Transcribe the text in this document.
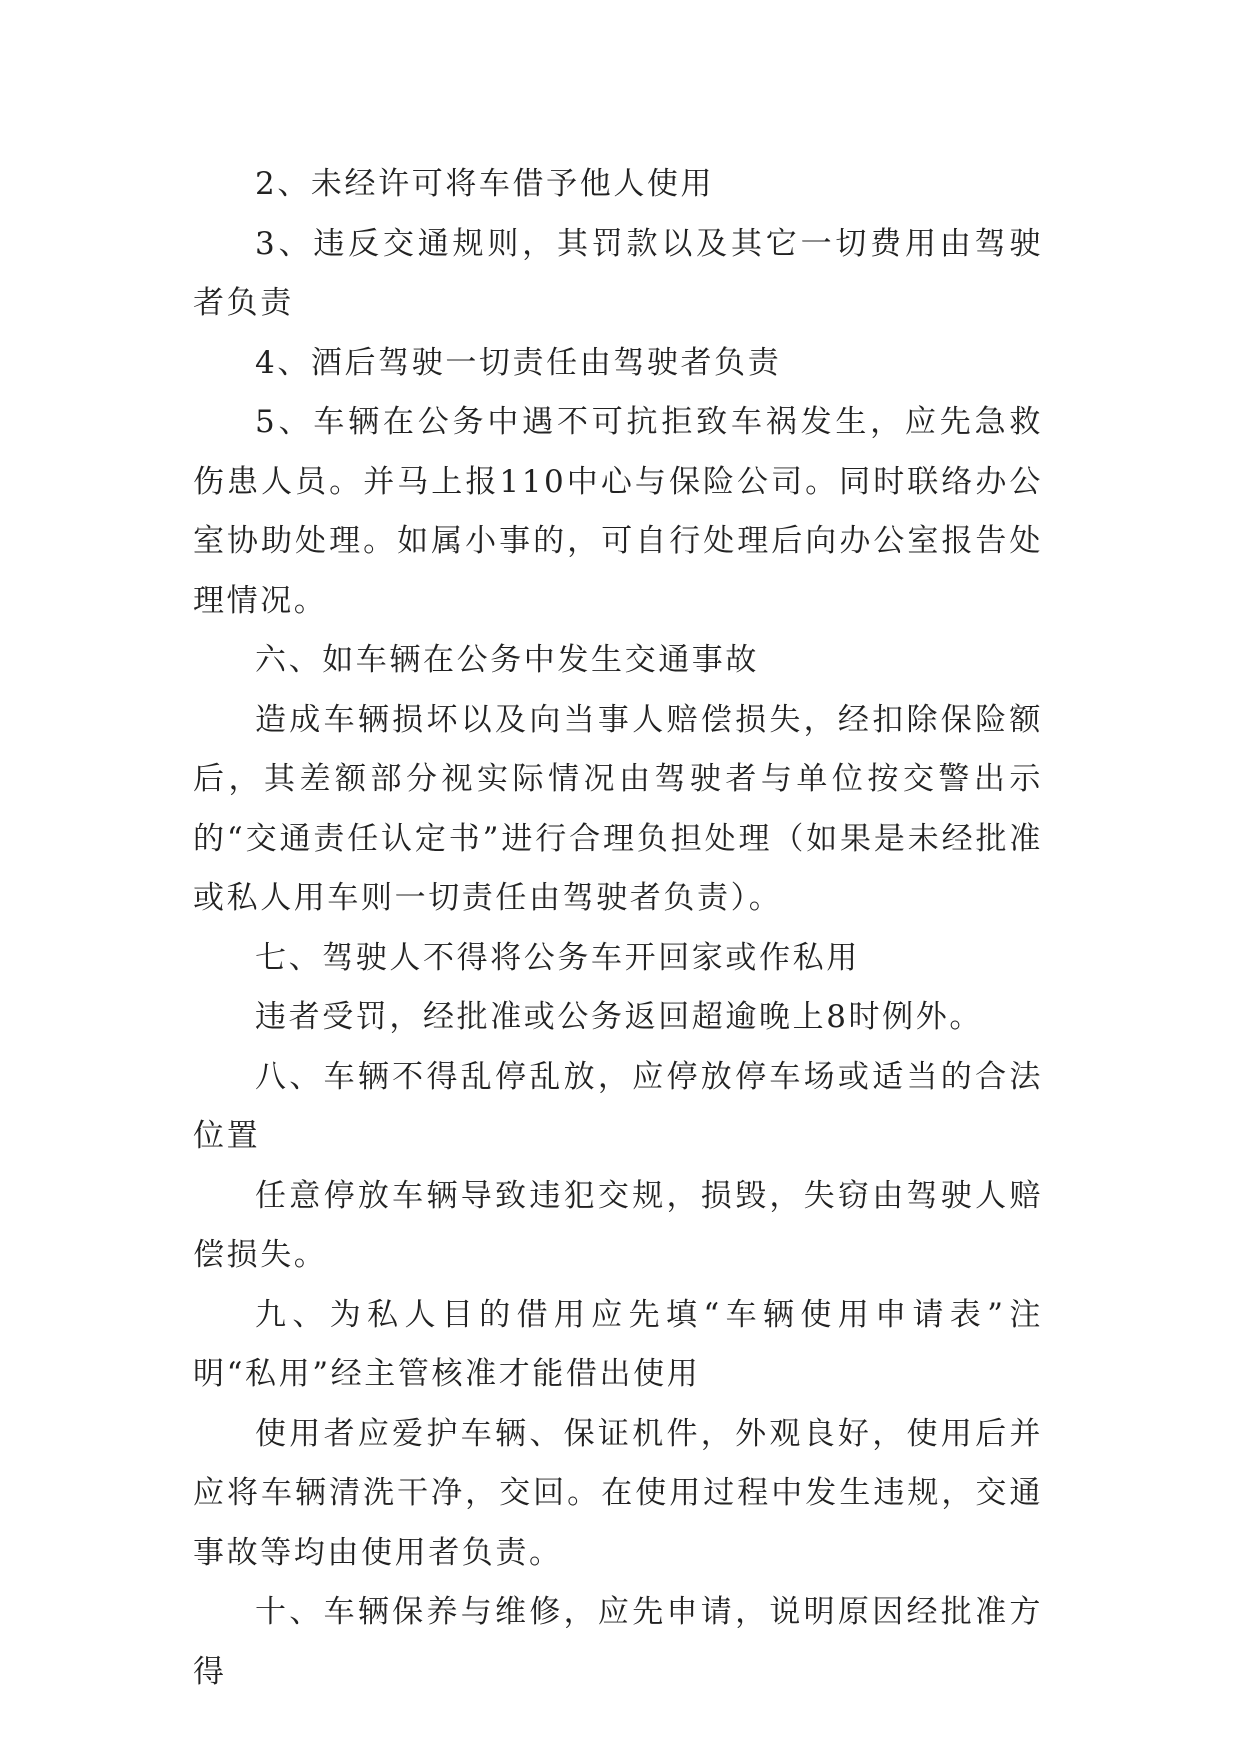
2、未经许可将车借予他人使用

3、违反交通规则，其罚款以及其它一切费用由驾驶者负责

4、酒后驾驶一切责任由驾驶者负责

5、车辆在公务中遇不可抗拒致车祸发生，应先急救伤患人员。并马上报110中心与保险公司。同时联络办公室协助处理。如属小事的，可自行处理后向办公室报告处理情况。

六、如车辆在公务中发生交通事故

造成车辆损坏以及向当事人赔偿损失，经扣除保险额后，其差额部分视实际情况由驾驶者与单位按交警出示的“交通责任认定书”进行合理负担处理（如果是未经批准或私人用车则一切责任由驾驶者负责）。

七、驾驶人不得将公务车开回家或作私用

违者受罚，经批准或公务返回超逾晚上8时例外。

八、车辆不得乱停乱放，应停放停车场或适当的合法位置

任意停放车辆导致违犯交规，损毁，失窃由驾驶人赔偿损失。

九、为私人目的借用应先填“车辆使用申请表”注明“私用”经主管核准才能借出使用

使用者应爱护车辆、保证机件，外观良好，使用后并应将车辆清洗干净，交回。在使用过程中发生违规，交通事故等均由使用者负责。

十、车辆保养与维修，应先申请，说明原因经批准方得
